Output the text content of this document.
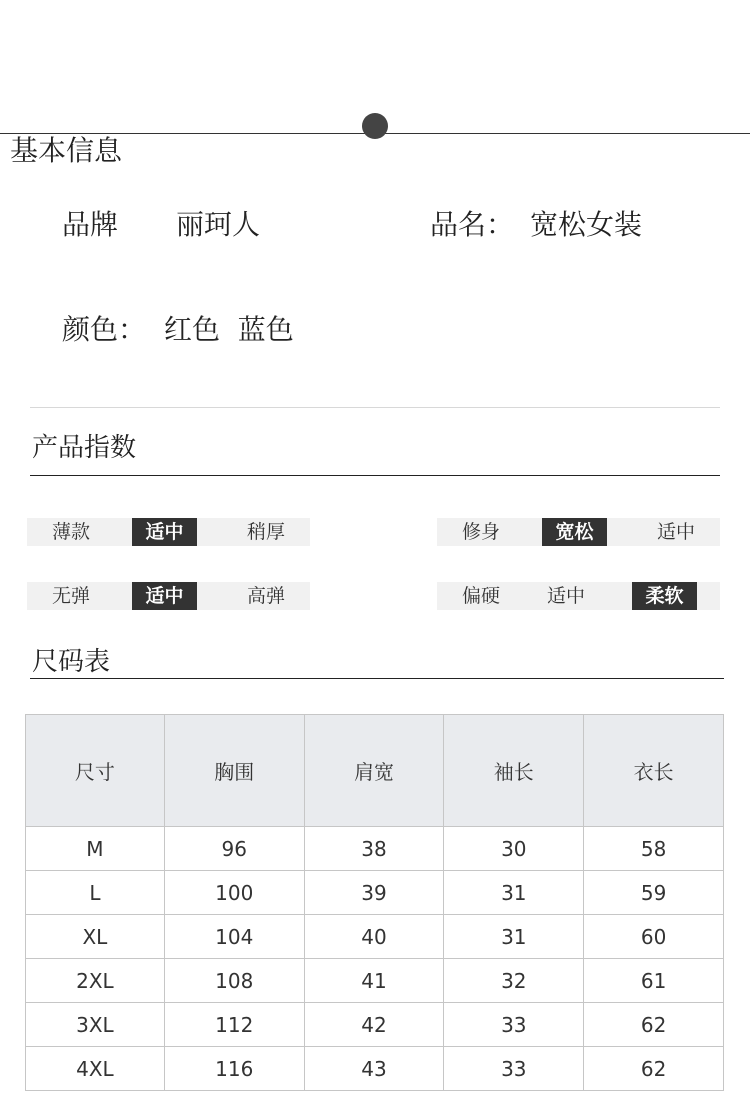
基本信息
品牌 丽珂人	品名： 宽松女装
颜色： 红色  蓝色
产品指数
薄款	适中	稍厚	修身	宽松	适中
无弹	适中	高弹	偏硬	适中	柔软
尺码表
尺寸	胸围	肩宽	袖长	衣长
M	96	38	30	58
L	100	39	31	59
XL	104	40	31	60
2XL	108	41	32	61
3XL	112	42	33	62
4XL	116	43	33	62
